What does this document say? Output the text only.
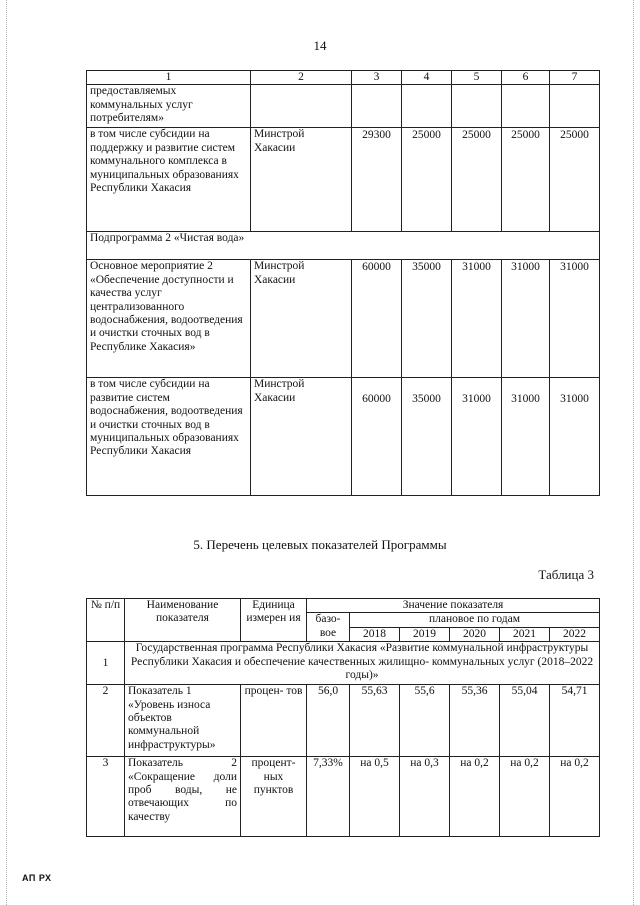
14
1	2	3	4	5	6	7
предоставляемых коммунальных услуг потребителям»						
в том числе субсидии на поддержку и развитие систем коммунального комплекса в муниципальных образованиях Республики Хакасия	Минстрой Хакасии	29300	25000	25000	25000	25000
Подпрограмма 2 «Чистая вода»						
Основное мероприятие 2 «Обеспечение доступности и качества услуг централизованного водоснабжения, водоотведения и очистки сточных вод в Республике Хакасия»	Минстрой Хакасии	60000	35000	31000	31000	31000
в том числе субсидии на развитие систем водоснабжения, водоотведения и очистки сточных вод в муниципальных образованиях Республики Хакасия	Минстрой Хакасии	60000	35000	31000	31000	31000
5. Перечень целевых показателей Программы
Таблица 3
№ п/п	Наименование показателя	Единица измерен ия	Значение показателя					
			базо- вое	плановое по годам				
				2018	2019	2020	2021	2022
1	Государственная программа Республики Хакасия «Развитие коммунальной инфраструктуры Республики Хакасия и обеспечение качественных жилищно- коммунальных услуг (2018–2022 годы)»							
2	Показатель 1 «Уровень износа объектов коммунальной инфраструктуры»	процен- тов	56,0	55,63	55,6	55,36	55,04	54,71
3	Показатель 2 «Сокращение доли проб воды, не отвечающих по качеству	процент- ных пунктов	7,33%	на 0,5	на 0,3	на 0,2	на 0,2	на 0,2
АП РХ
